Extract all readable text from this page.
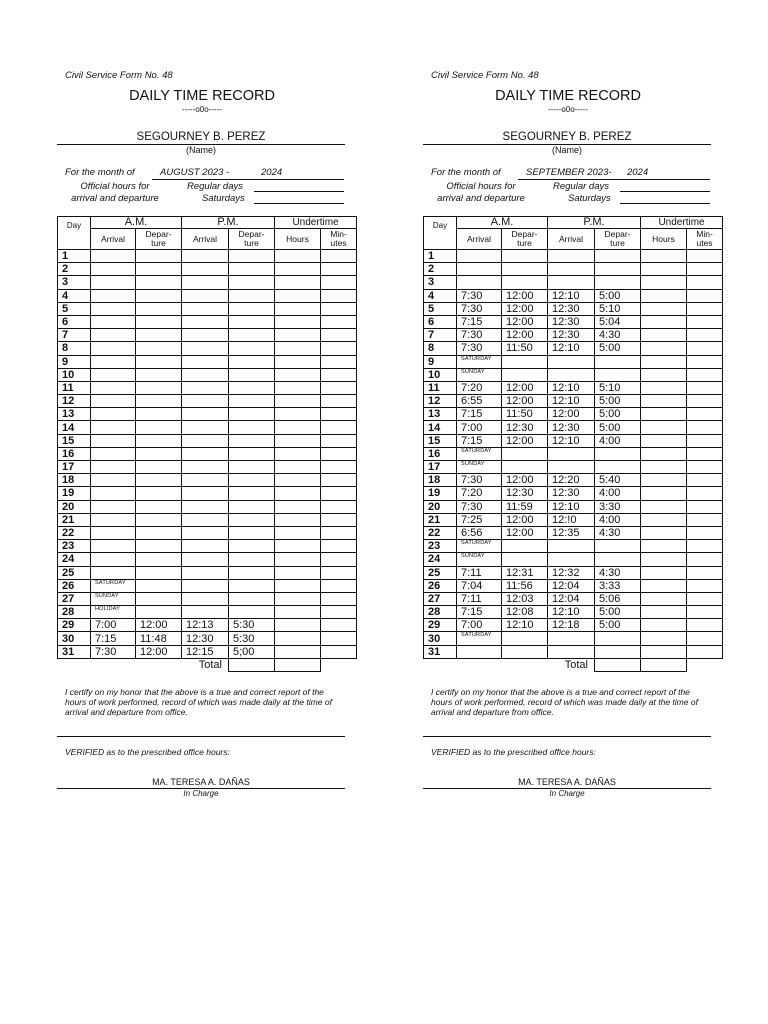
Civil Service Form No. 48
DAILY TIME RECORD
-----o0o-----
SEGOURNEY B. PEREZ
(Name)
For the month of	AUGUST 2023 -	2024
Official hours for
arrival and departure
Regular days
Saturdays
Day	A.M.		P.M.		Undertime	
	Arrival	Depar-
ture	Arrival	Depar-
ture	Hours	Min-
utes
1						
2						
3						
4						
5						
6						
7						
8						
9						
10						
11						
12						
13						
14						
15						
16						
17						
18						
19						
20						
21						
22						
23						
24						
25						
26	SATURDAY					
27	SUNDAY					
28	HOLIDAY					
29	7:00	12:00	12:13	5:30		
30	7:15	11:48	12:30	5:30		
31	7:30	12:00	12:15	5;00		
Total						
I certify on my honor that the above is a true and correct report of the hours of work performed, record of which was made daily at the time of arrival and departure from office.
VERIFIED as to the prescribed office hours:
MA. TERESA A. DAÑAS
In Charge
Civil Service Form No. 48
DAILY TIME RECORD
-----o0o-----
SEGOURNEY B. PEREZ
(Name)
For the month of	SEPTEMBER 2023- 2024
Official hours for
arrival and departure
Regular days
Saturdays
Day	A.M.		P.M.		Undertime	
	Arrival	Depar-
ture	Arrival	Depar-
ture	Hours	Min-
utes
1						
2						
3						
4	7:30	12:00	12:10	5:00		
5	7:30	12:00	12:30	5:10		
6	7:15	12:00	12:30	5:04		
7	7:30	12:00	12:30	4:30		
8	7:30	11:50	12:10	5:00		
9	SATURDAY					
10	SUNDAY					
11	7:20	12:00	12:10	5:10		
12	6:55	12:00	12:10	5:00		
13	7:15	11:50	12:00	5:00		
14	7:00	12:30	12:30	5:00		
15	7:15	12:00	12:10	4:00		
16	SATURDAY					
17	SUNDAY					
18	7:30	12:00	12:20	5:40		
19	7:20	12:30	12:30	4:00		
20	7:30	11:59	12:10	3:30		
21	7:25	12:00	12:!0	4:00		
22	6:56	12:00	12:35	4:30		
23	SATURDAY					
24	SUNDAY					
25	7:11	12:31	12:32	4:30		
26	7:04	11:56	12:04	3:33		
27	7:11	12:03	12:04	5:06		
28	7:15	12:08	12:10	5:00		
29	7:00	12:10	12:18	5:00		
30	SATURDAY					
31						
Total						
I certify on my honor that the above is a true and correct report of the hours of work performed, record of which was made daily at the time of arrival and departure from office.
VERIFIED as to the prescribed office hours:
MA. TERESA A. DAÑAS
In Charge
